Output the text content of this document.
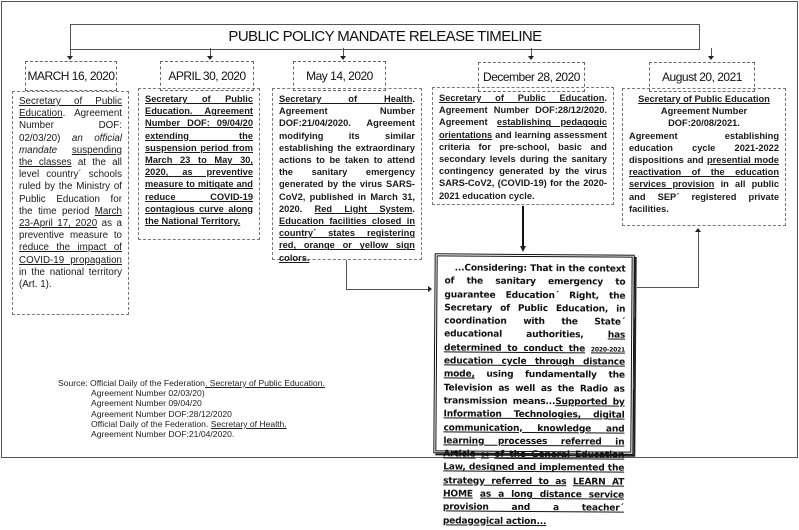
PUBLIC POLICY MANDATE RELEASE TIMELINE
MARCH 16, 2020	APRIL 30, 2020	May 14, 2020	December 28, 2020	August 20, 2021
Secretary of Public Education. Agreement Number DOF: 02/03/20) an official mandate suspending the classes at the all level country´ schools ruled by the Ministry of Public Education for the time period March 23-April 17, 2020 as a preventive measure to reduce the impact of COVID-19 propagation in the national territory (Art. 1).
Secretary of Public Education. Agreement Number DOF: 09/04/20 extending the suspension period from March 23 to May 30, 2020, as preventive measure to mitigate and reduce COVID-19 contagious curve along the National Territory.
Secretary of Health. Agreement Number DOF:21/04/2020. Agreement modifying its similar establishing the extraordinary actions to be taken to attend the sanitary emergency generated by the virus SARS-CoV2, published in March 31, 2020. Red Light System. Education facilities closed in country´ states registering red, orange or yellow sign colors.
Secretary of Public Education. Agreement Number DOF:28/12/2020. Agreement establishing pedagogic orientations and learning assessment criteria for pre-school, basic and secondary levels during the sanitary contingency generated by the virus SARS-CoV2, (COVID-19) for the 2020-2021 education cycle.
Secretary of Public Education
Agreement Number DOF:20/08/2021.
Agreement establishing education cycle 2021-2022 dispositions and presential mode reactivation of the education services provision in all public and SEP´ registered private facilities.
...Considering: That in the context of the sanitary emergency to guarantee Education´ Right, the Secretary of Public Education, in coordination with the State´ educational authorities,	has determined to conduct the 2020-2021 education cycle through distance mode, using fundamentally the Television as well as the Radio as transmission means...Supported by Information Technologies, digital communication, knowledge and learning processes referred in Article 84 of the General Education Law, designed and implemented the strategy referred to as LEARN AT HOME as a long distance service provision and a teacher´ pedagogical action...
Source: Official Daily of the Federation. Secretary of Public Education.
Agreement Number 02/03/20)
Agreement Number 09/04/20
Agreement Number DOF:28/12/2020
Official Daily of the Federation. Secretary of Health.
Agreement Number DOF:21/04/2020.
